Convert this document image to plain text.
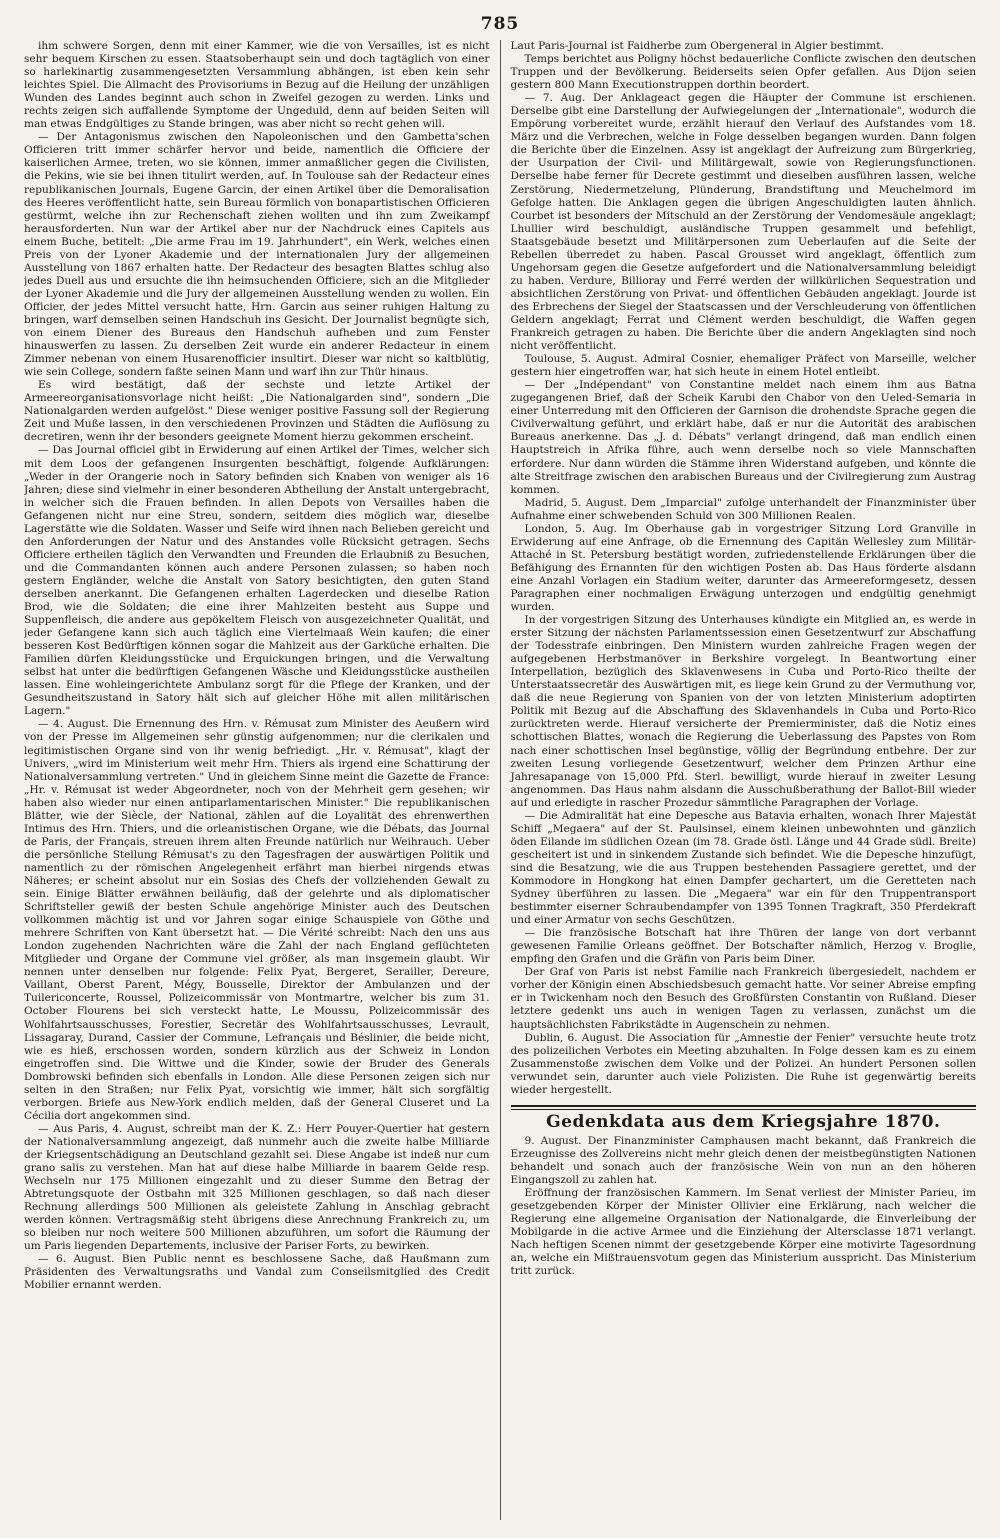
785

ihm schwere Sorgen, denn mit einer Kammer, wie die von Versailles, ist es nicht sehr bequem Kirschen zu essen. Staatsoberhaupt sein und doch tagtäglich von einer so harlekinartig zusammengesetzten Versammlung abhängen, ist eben kein sehr leichtes Spiel. Die Allmacht des Provisoriums in Bezug auf die Heilung der unzähligen Wunden des Landes beginnt auch schon in Zweifel gezogen zu werden. Links und rechts zeigen sich auffallende Symptome der Ungeduld, denn auf beiden Seiten will man etwas Endgültiges zu Stande bringen, was aber nicht so recht gehen will.

— Der Antagonismus zwischen den Napoleonischen und den Gambetta'schen Officieren tritt immer schärfer hervor und beide, namentlich die Officiere der kaiserlichen Armee, treten, wo sie können, immer anmaßlicher gegen die Civilisten, die Pekins, wie sie bei ihnen titulirt werden, auf. In Toulouse sah der Redacteur eines republikanischen Journals, Eugene Garcin, der einen Artikel über die Demoralisation des Heeres veröffentlicht hatte, sein Bureau förmlich von bonapartistischen Officieren gestürmt, welche ihn zur Rechenschaft ziehen wollten und ihn zum Zweikampf herausforderten. Nun war der Artikel aber nur der Nachdruck eines Capitels aus einem Buche, betitelt: „Die arme Frau im 19. Jahrhundert", ein Werk, welches einen Preis von der Lyoner Akademie und der internationalen Jury der allgemeinen Ausstellung von 1867 erhalten hatte. Der Redacteur des besagten Blattes schlug also jedes Duell aus und ersuchte die ihn heimsuchenden Officiere, sich an die Mitglieder der Lyoner Akademie und die Jury der allgemeinen Ausstellung wenden zu wollen. Ein Officier, der jedes Mittel versucht hatte, Hrn. Garcin aus seiner ruhigen Haltung zu bringen, warf demselben seinen Handschuh ins Gesicht. Der Journalist begnügte sich, von einem Diener des Bureaus den Handschuh aufheben und zum Fenster hinauswerfen zu lassen. Zu derselben Zeit wurde ein anderer Redacteur in einem Zimmer nebenan von einem Husarenofficier insultirt. Dieser war nicht so kaltblütig, wie sein College, sondern faßte seinen Mann und warf ihn zur Thür hinaus.

Es wird bestätigt, daß der sechste und letzte Artikel der Armeereorganisationsvorlage nicht heißt: „Die Nationalgarden sind", sondern „Die Nationalgarden werden aufgelöst." Diese weniger positive Fassung soll der Regierung Zeit und Muße lassen, in den verschiedenen Provinzen und Städten die Auflösung zu decretiren, wenn ihr der besonders geeignete Moment hierzu gekommen erscheint.

— Das Journal officiel gibt in Erwiderung auf einen Artikel der Times, welcher sich mit dem Loos der gefangenen Insurgenten beschäftigt, folgende Aufklärungen: „Weder in der Orangerie noch in Satory befinden sich Knaben von weniger als 16 Jahren; diese sind vielmehr in einer besonderen Abtheilung der Anstalt untergebracht, in welcher sich die Frauen befinden. In allen Depots von Versailles haben die Gefangenen nicht nur eine Streu, sondern, seitdem dies möglich war, dieselbe Lagerstätte wie die Soldaten. Wasser und Seife wird ihnen nach Belieben gereicht und den Anforderungen der Natur und des Anstandes volle Rücksicht getragen. Sechs Officiere ertheilen täglich den Verwandten und Freunden die Erlaubniß zu Besuchen, und die Commandanten können auch andere Personen zulassen; so haben noch gestern Engländer, welche die Anstalt von Satory besichtigten, den guten Stand derselben anerkannt. Die Gefangenen erhalten Lagerdecken und dieselbe Ration Brod, wie die Soldaten; die eine ihrer Mahlzeiten besteht aus Suppe und Suppenfleisch, die andere aus gepökeltem Fleisch von ausgezeichneter Qualität, und jeder Gefangene kann sich auch täglich eine Viertelmaaß Wein kaufen; die einer besseren Kost Bedürftigen können sogar die Mahlzeit aus der Garküche erhalten. Die Familien dürfen Kleidungsstücke und Erquickungen bringen, und die Verwaltung selbst hat unter die bedürftigen Gefangenen Wäsche und Kleidungsstücke austheilen lassen. Eine wohleingerichtete Ambulanz sorgt für die Pflege der Kranken, und der Gesundheitszustand in Satory hält sich auf gleicher Höhe mit allen militärischen Lagern."

— 4. August. Die Ernennung des Hrn. v. Rémusat zum Minister des Aeußern wird von der Presse im Allgemeinen sehr günstig aufgenommen; nur die clerikalen und legitimistischen Organe sind von ihr wenig befriedigt. „Hr. v. Rémusat", klagt der Univers, „wird im Ministerium weit mehr Hrn. Thiers als irgend eine Schattirung der Nationalversammlung vertreten." Und in gleichem Sinne meint die Gazette de France: „Hr. v. Rémusat ist weder Abgeordneter, noch von der Mehrheit gern gesehen; wir haben also wieder nur einen antiparlamentarischen Minister." Die republikanischen Blätter, wie der Siècle, der National, zählen auf die Loyalität des ehrenwerthen Intimus des Hrn. Thiers, und die orleanistischen Organe, wie die Débats, das Journal de Paris, der Français, streuen ihrem alten Freunde natürlich nur Weihrauch. Ueber die persönliche Stellung Rémusat's zu den Tagesfragen der auswärtigen Politik und namentlich zu der römischen Angelegenheit erfährt man hierbei nirgends etwas Näheres; er scheint absolut nur ein Sosias des Chefs der vollziehenden Gewalt zu sein. Einige Blätter erwähnen beiläufig, daß der gelehrte und als diplomatischer Schriftsteller gewiß der besten Schule angehörige Minister auch des Deutschen vollkommen mächtig ist und vor Jahren sogar einige Schauspiele von Göthe und mehrere Schriften von Kant übersetzt hat. — Die Vérité schreibt: Nach den uns aus London zugehenden Nachrichten wäre die Zahl der nach England geflüchteten Mitglieder und Organe der Commune viel größer, als man insgemein glaubt. Wir nennen unter denselben nur folgende: Felix Pyat, Bergeret, Serailler, Dereure, Vaillant, Oberst Parent, Mégy, Bousselle, Direktor der Ambulanzen und der Tuilericoncerte, Roussel, Polizeicommissär von Montmartre, welcher bis zum 31. October Flourens bei sich versteckt hatte, Le Moussu, Polizeicommissär des Wohlfahrtsausschusses, Forestier, Secretär des Wohlfahrtsausschusses, Levrault, Lissagaray, Durand, Cassier der Commune, Lefrançais und Béslinier, die beide nicht, wie es hieß, erschossen worden, sondern kürzlich aus der Schweiz in London eingetroffen sind. Die Wittwe und die Kinder, sowie der Bruder des Generals Dombrowski befinden sich ebenfalls in London. Alle diese Personen zeigen sich nur selten in den Straßen; nur Felix Pyat, vorsichtig wie immer, hält sich sorgfältig verborgen. Briefe aus New-York endlich melden, daß der General Cluseret und La Cécilia dort angekommen sind.

— Aus Paris, 4. August, schreibt man der K. Z.: Herr Pouyer-Quertier hat gestern der Nationalversammlung angezeigt, daß nunmehr auch die zweite halbe Milliarde der Kriegsentschädigung an Deutschland gezahlt sei. Diese Angabe ist indeß nur cum grano salis zu verstehen. Man hat auf diese halbe Milliarde in baarem Gelde resp. Wechseln nur 175 Millionen eingezahlt und zu dieser Summe den Betrag der Abtretungsquote der Ostbahn mit 325 Millionen geschlagen, so daß nach dieser Rechnung allerdings 500 Millionen als geleistete Zahlung in Anschlag gebracht werden können. Vertragsmäßig steht übrigens diese Anrechnung Frankreich zu, um so bleiben nur noch weitere 500 Millionen abzuführen, um sofort die Räumung der um Paris liegenden Departements, inclusive der Pariser Forts, zu bewirken.

— 6. August. Bien Public nennt es beschlossene Sache, daß Haußmann zum Präsidenten des Verwaltungsraths und Vandal zum Conseilsmitglied des Credit Mobilier ernannt werden.

Laut Paris-Journal ist Faidherbe zum Obergeneral in Algier bestimmt.

Temps berichtet aus Poligny höchst bedauerliche Conflicte zwischen den deutschen Truppen und der Bevölkerung. Beiderseits seien Opfer gefallen. Aus Dijon seien gestern 800 Mann Executionstruppen dorthin beordert.

— 7. Aug. Der Anklageact gegen die Häupter der Commune ist erschienen. Derselbe gibt eine Darstellung der Aufwiegelungen der „Internationale", wodurch die Empörung vorbereitet wurde, erzählt hierauf den Verlauf des Aufstandes vom 18. März und die Verbrechen, welche in Folge desselben begangen wurden. Dann folgen die Berichte über die Einzelnen. Assy ist angeklagt der Aufreizung zum Bürgerkrieg, der Usurpation der Civil- und Militärgewalt, sowie von Regierungsfunctionen. Derselbe habe ferner für Decrete gestimmt und dieselben ausführen lassen, welche Zerstörung, Niedermetzelung, Plünderung, Brandstiftung und Meuchelmord im Gefolge hatten. Die Anklagen gegen die übrigen Angeschuldigten lauten ähnlich. Courbet ist besonders der Mitschuld an der Zerstörung der Vendomesäule angeklagt; Lhullier wird beschuldigt, ausländische Truppen gesammelt und befehligt, Staatsgebäude besetzt und Militärpersonen zum Ueberlaufen auf die Seite der Rebellen überredet zu haben. Pascal Grousset wird angeklagt, öffentlich zum Ungehorsam gegen die Gesetze aufgefordert und die Nationalversammlung beleidigt zu haben. Verdure, Billioray und Ferré werden der willkürlichen Sequestration und absichtlichen Zerstörung von Privat- und öffentlichen Gebäuden angeklagt. Jourde ist des Erbrechens der Siegel der Staatscassen und der Verschleuderung von öffentlichen Geldern angeklagt; Ferrat und Clément werden beschuldigt, die Waffen gegen Frankreich getragen zu haben. Die Berichte über die andern Angeklagten sind noch nicht veröffentlicht.

Toulouse, 5. August. Admiral Cosnier, ehemaliger Präfect von Marseille, welcher gestern hier eingetroffen war, hat sich heute in einem Hotel entleibt.

— Der „Indépendant" von Constantine meldet nach einem ihm aus Batna zugegangenen Brief, daß der Scheik Karubi den Chabor von den Ueled-Semaria in einer Unterredung mit den Officieren der Garnison die drohendste Sprache gegen die Civilverwaltung geführt, und erklärt habe, daß er nur die Autorität des arabischen Bureaus anerkenne. Das „J. d. Débats" verlangt dringend, daß man endlich einen Hauptstreich in Afrika führe, auch wenn derselbe noch so viele Mannschaften erfordere. Nur dann würden die Stämme ihren Widerstand aufgeben, und könnte die alte Streitfrage zwischen den arabischen Bureaus und der Civilregierung zum Austrag kommen.

Madrid, 5. August. Dem „Imparcial" zufolge unterhandelt der Finanzminister über Aufnahme einer schwebenden Schuld von 300 Millionen Realen.

London, 5. Aug. Im Oberhause gab in vorgestriger Sitzung Lord Granville in Erwiderung auf eine Anfrage, ob die Ernennung des Capitän Wellesley zum Militär-Attaché in St. Petersburg bestätigt worden, zufriedenstellende Erklärungen über die Befähigung des Ernannten für den wichtigen Posten ab. Das Haus förderte alsdann eine Anzahl Vorlagen ein Stadium weiter, darunter das Armeereformgesetz, dessen Paragraphen einer nochmaligen Erwägung unterzogen und endgültig genehmigt wurden.

In der vorgestrigen Sitzung des Unterhauses kündigte ein Mitglied an, es werde in erster Sitzung der nächsten Parlamentssession einen Gesetzentwurf zur Abschaffung der Todesstrafe einbringen. Den Ministern wurden zahlreiche Fragen wegen der aufgegebenen Herbstmanöver in Berkshire vorgelegt. In Beantwortung einer Interpellation, bezüglich des Sklavenwesens in Cuba und Porto-Rico theilte der Unterstaatssecretär des Auswärtigen mit, es liege kein Grund zu der Vermuthung vor, daß die neue Regierung von Spanien von der von letzten Ministerium adoptirten Politik mit Bezug auf die Abschaffung des Sklavenhandels in Cuba und Porto-Rico zurücktreten werde. Hierauf versicherte der Premierminister, daß die Notiz eines schottischen Blattes, wonach die Regierung die Ueberlassung des Papstes von Rom nach einer schottischen Insel begünstige, völlig der Begründung entbehre. Der zur zweiten Lesung vorliegende Gesetzentwurf, welcher dem Prinzen Arthur eine Jahresapanage von 15,000 Pfd. Sterl. bewilligt, wurde hierauf in zweiter Lesung angenommen. Das Haus nahm alsdann die Ausschußberathung der Ballot-Bill wieder auf und erledigte in rascher Prozedur sämmtliche Paragraphen der Vorlage.

— Die Admiralität hat eine Depesche aus Batavia erhalten, wonach Ihrer Majestät Schiff „Megaera" auf der St. Paulsinsel, einem kleinen unbewohnten und gänzlich öden Eilande im südlichen Ozean (im 78. Grade östl. Länge und 44 Grade südl. Breite) gescheitert ist und in sinkendem Zustande sich befindet. Wie die Depesche hinzufügt, sind die Besatzung, wie die aus Truppen bestehenden Passagiere gerettet, und der Kommodore in Hongkong hat einen Dampfer gechartert, um die Geretteten nach Sydney überführen zu lassen. Die „Megaera" war ein für den Truppentransport bestimmter eiserner Schraubendampfer von 1395 Tonnen Tragkraft, 350 Pferdekraft und einer Armatur von sechs Geschützen.

— Die französische Botschaft hat ihre Thüren der lange von dort verbannt gewesenen Familie Orleans geöffnet. Der Botschafter nämlich, Herzog v. Broglie, empfing den Grafen und die Gräfin von Paris beim Diner.

Der Graf von Paris ist nebst Familie nach Frankreich übergesiedelt, nachdem er vorher der Königin einen Abschiedsbesuch gemacht hatte. Vor seiner Abreise empfing er in Twickenham noch den Besuch des Großfürsten Constantin von Rußland. Dieser letztere gedenkt uns auch in wenigen Tagen zu verlassen, zunächst um die hauptsächlichsten Fabrikstädte in Augenschein zu nehmen.

Dublin, 6. August. Die Association für „Amnestie der Fenier" versuchte heute trotz des polizeilichen Verbotes ein Meeting abzuhalten. In Folge dessen kam es zu einem Zusammenstoße zwischen dem Volke und der Polizei. An hundert Personen sollen verwundet sein, darunter auch viele Polizisten. Die Ruhe ist gegenwärtig bereits wieder hergestellt.

Gedenkdata aus dem Kriegsjahre 1870.

9. August. Der Finanzminister Camphausen macht bekannt, daß Frankreich die Erzeugnisse des Zollvereins nicht mehr gleich denen der meistbegünstigten Nationen behandelt und sonach auch der französische Wein von nun an den höheren Eingangszoll zu zahlen hat.

Eröffnung der französischen Kammern. Im Senat verliest der Minister Parieu, im gesetzgebenden Körper der Minister Ollivier eine Erklärung, nach welcher die Regierung eine allgemeine Organisation der Nationalgarde, die Einverleibung der Mobilgarde in die active Armee und die Einziehung der Altersclasse 1871 verlangt. Nach heftigen Scenen nimmt der gesetzgebende Körper eine motivirte Tagesordnung an, welche ein Mißtrauensvotum gegen das Ministerium ausspricht. Das Ministerium tritt zurück.
